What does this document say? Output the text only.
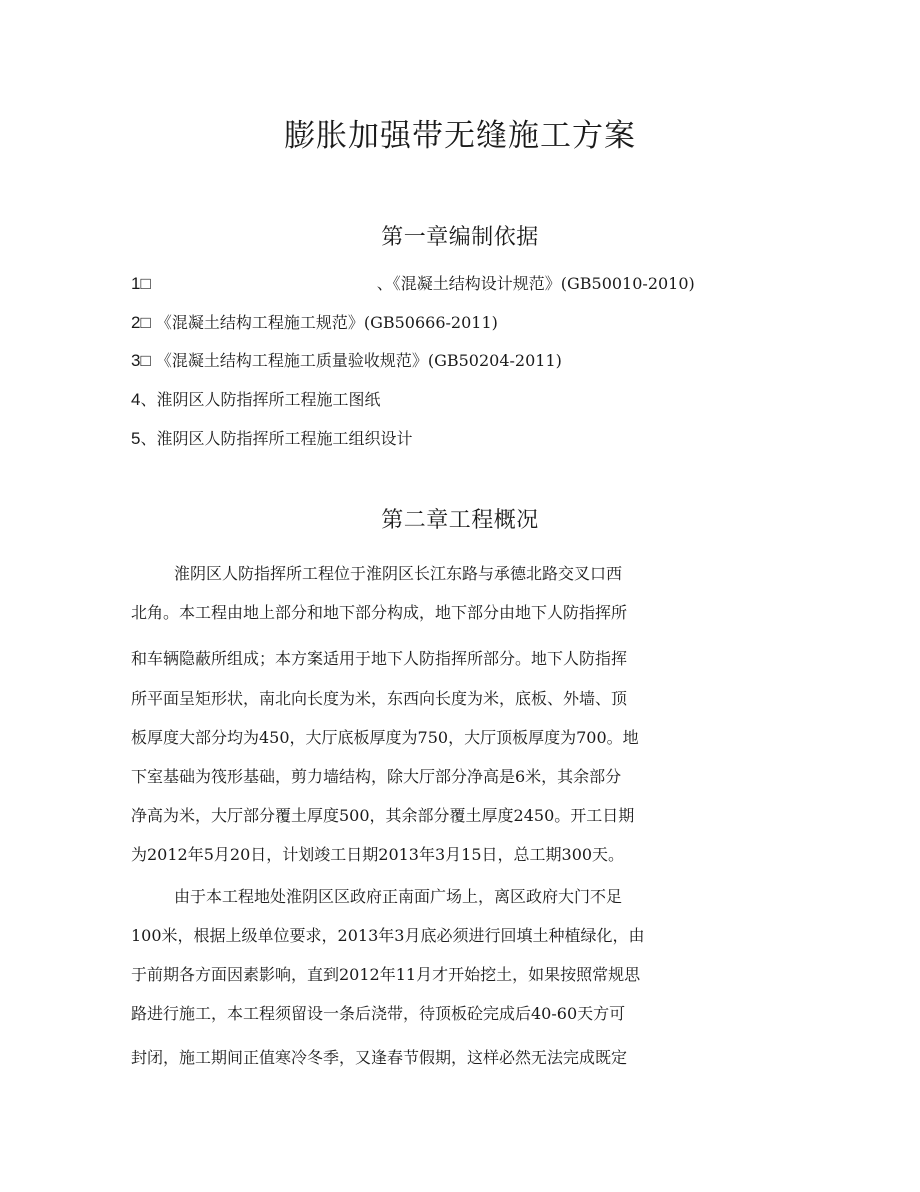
膨胀加强带无缝施工方案
第一章编制依据
1□	、《混凝土结构设计规范》(GB50010-2010)
2□ 《混凝土结构工程施工规范》(GB50666-2011)
3□ 《混凝土结构工程施工质量验收规范》(GB50204-2011)
4、淮阴区人防指挥所工程施工图纸
5、淮阴区人防指挥所工程施工组织设计
第二章工程概况
淮阴区人防指挥所工程位于淮阴区长江东路与承德北路交叉口西
北角。本工程由地上部分和地下部分构成，地下部分由地下人防指挥所
和车辆隐蔽所组成；本方案适用于地下人防指挥所部分。地下人防指挥
所平面呈矩形状，南北向长度为米，东西向长度为米，底板、外墙、顶
板厚度大部分均为450，大厅底板厚度为750，大厅顶板厚度为700。地
下室基础为筏形基础，剪力墙结构，除大厅部分净高是6米，其余部分
净高为米，大厅部分覆土厚度500，其余部分覆土厚度2450。开工日期
为2012年5月20日，计划竣工日期2013年3月15日，总工期300天。
由于本工程地处淮阴区区政府正南面广场上，离区政府大门不足
100米，根据上级单位要求，2013年3月底必须进行回填土种植绿化，由
于前期各方面因素影响，直到2012年11月才开始挖土，如果按照常规思
路进行施工，本工程须留设一条后浇带，待顶板砼完成后40-60天方可
封闭，施工期间正值寒冷冬季，又逢春节假期，这样必然无法完成既定
